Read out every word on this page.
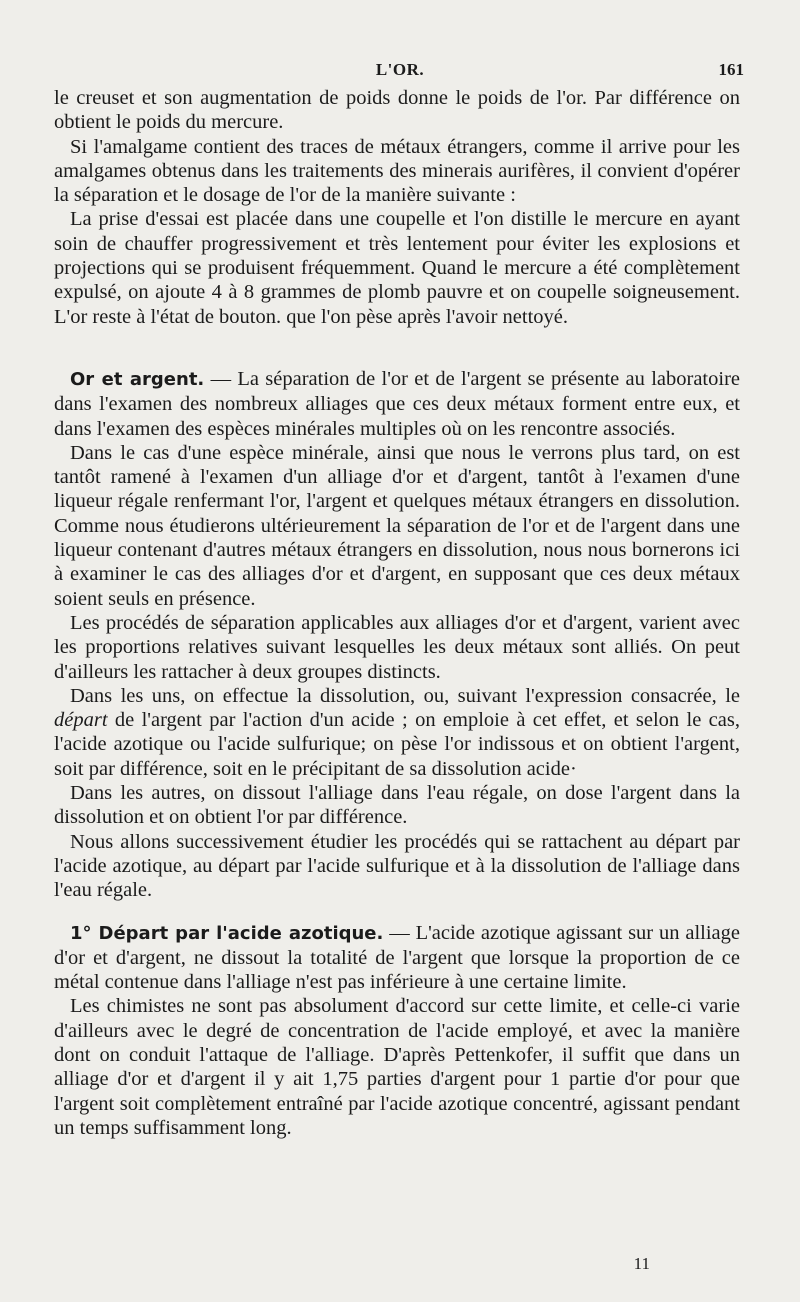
L'OR.	161

le creuset et son augmentation de poids donne le poids de l'or. Par différence on obtient le poids du mercure.

Si l'amalgame contient des traces de métaux étrangers, comme il arrive pour les amalgames obtenus dans les traitements des minerais aurifères, il convient d'opérer la séparation et le dosage de l'or de la manière suivante :

La prise d'essai est placée dans une coupelle et l'on distille le mercure en ayant soin de chauffer progressivement et très lentement pour éviter les explosions et projections qui se produisent fréquemment. Quand le mercure a été complètement expulsé, on ajoute 4 à 8 grammes de plomb pauvre et on coupelle soigneusement. L'or reste à l'état de bouton. que l'on pèse après l'avoir nettoyé.

Or et argent. — La séparation de l'or et de l'argent se présente au laboratoire dans l'examen des nombreux alliages que ces deux métaux forment entre eux, et dans l'examen des espèces minérales multiples où on les rencontre associés.

Dans le cas d'une espèce minérale, ainsi que nous le verrons plus tard, on est tantôt ramené à l'examen d'un alliage d'or et d'argent, tantôt à l'examen d'une liqueur régale renfermant l'or, l'argent et quelques métaux étrangers en dissolution. Comme nous étudierons ultérieurement la séparation de l'or et de l'argent dans une liqueur contenant d'autres métaux étrangers en dissolution, nous nous bornerons ici à examiner le cas des alliages d'or et d'argent, en supposant que ces deux métaux soient seuls en présence.

Les procédés de séparation applicables aux alliages d'or et d'argent, varient avec les proportions relatives suivant lesquelles les deux métaux sont alliés. On peut d'ailleurs les rattacher à deux groupes distincts.

Dans les uns, on effectue la dissolution, ou, suivant l'expression consacrée, le départ de l'argent par l'action d'un acide ; on emploie à cet effet, et selon le cas, l'acide azotique ou l'acide sulfurique; on pèse l'or indissous et on obtient l'argent, soit par différence, soit en le précipitant de sa dissolution acide·

Dans les autres, on dissout l'alliage dans l'eau régale, on dose l'argent dans la dissolution et on obtient l'or par différence.

Nous allons successivement étudier les procédés qui se rattachent au départ par l'acide azotique, au départ par l'acide sulfurique et à la dissolution de l'alliage dans l'eau régale.

1° Départ par l'acide azotique. — L'acide azotique agissant sur un alliage d'or et d'argent, ne dissout la totalité de l'argent que lorsque la proportion de ce métal contenue dans l'alliage n'est pas inférieure à une certaine limite.

Les chimistes ne sont pas absolument d'accord sur cette limite, et celle-ci varie d'ailleurs avec le degré de concentration de l'acide employé, et avec la manière dont on conduit l'attaque de l'alliage. D'après Pettenkofer, il suffit que dans un alliage d'or et d'argent il y ait 1,75 parties d'argent pour 1 partie d'or pour que l'argent soit complètement entraîné par l'acide azotique concentré, agissant pendant un temps suffisamment long.

11
